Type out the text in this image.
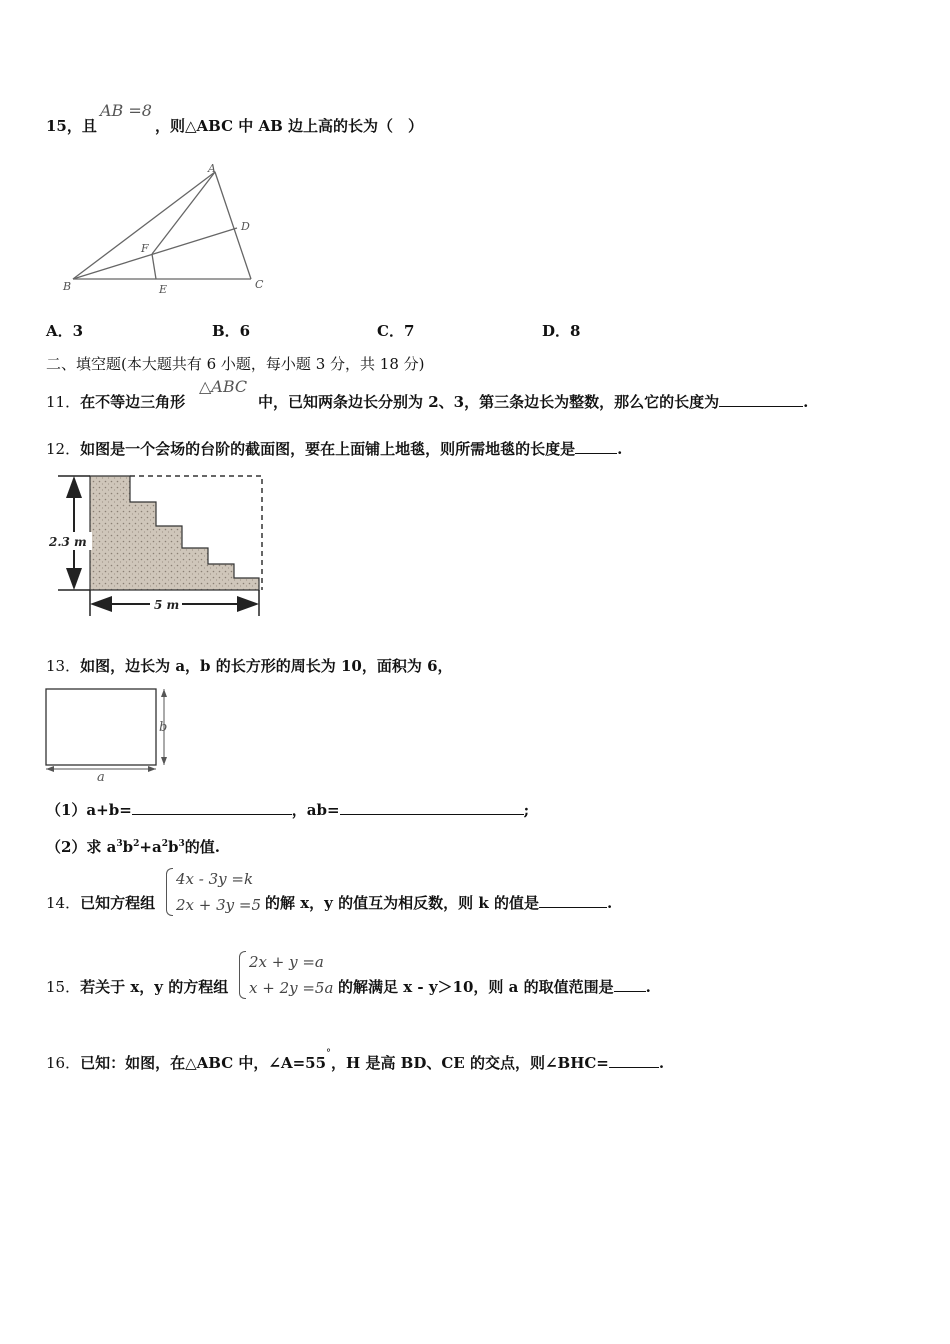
15，且
AB =8
，则△ABC 中 AB 边上高的长为（　）
A
B	C
D
E
F
A．3	B．6	C．7	D．8
二、填空题(本大题共有 6 小题，每小题 3 分，共 18 分)
11．在不等边三角形
△ABC
中，已知两条边长分别为 2、3，第三条边长为整数，那么它的长度为	.
12．如图是一个会场的台阶的截面图，要在上面铺上地毯，则所需地毯的长度是	.
2.3 m
5 m
13．如图，边长为 a，b 的长方形的周长为 10，面积为 6，
a
b
（1）a+b=	，ab=	;
（2）求 $a^3b^2+a^2b^3$的值.
14．已知方程组
4x - 3y =k
2x + 3y =5 的解 x，y 的值互为相反数，则 k 的值是	.
15．若关于 x，y 的方程组
2x + y =a
x + 2y =5a 的解满足 x - y＞10，则 a 的取值范围是 .
16．已知：如图，在△ABC 中，∠A=55°，H 是高 BD、CE 的交点，则∠BHC=	.
